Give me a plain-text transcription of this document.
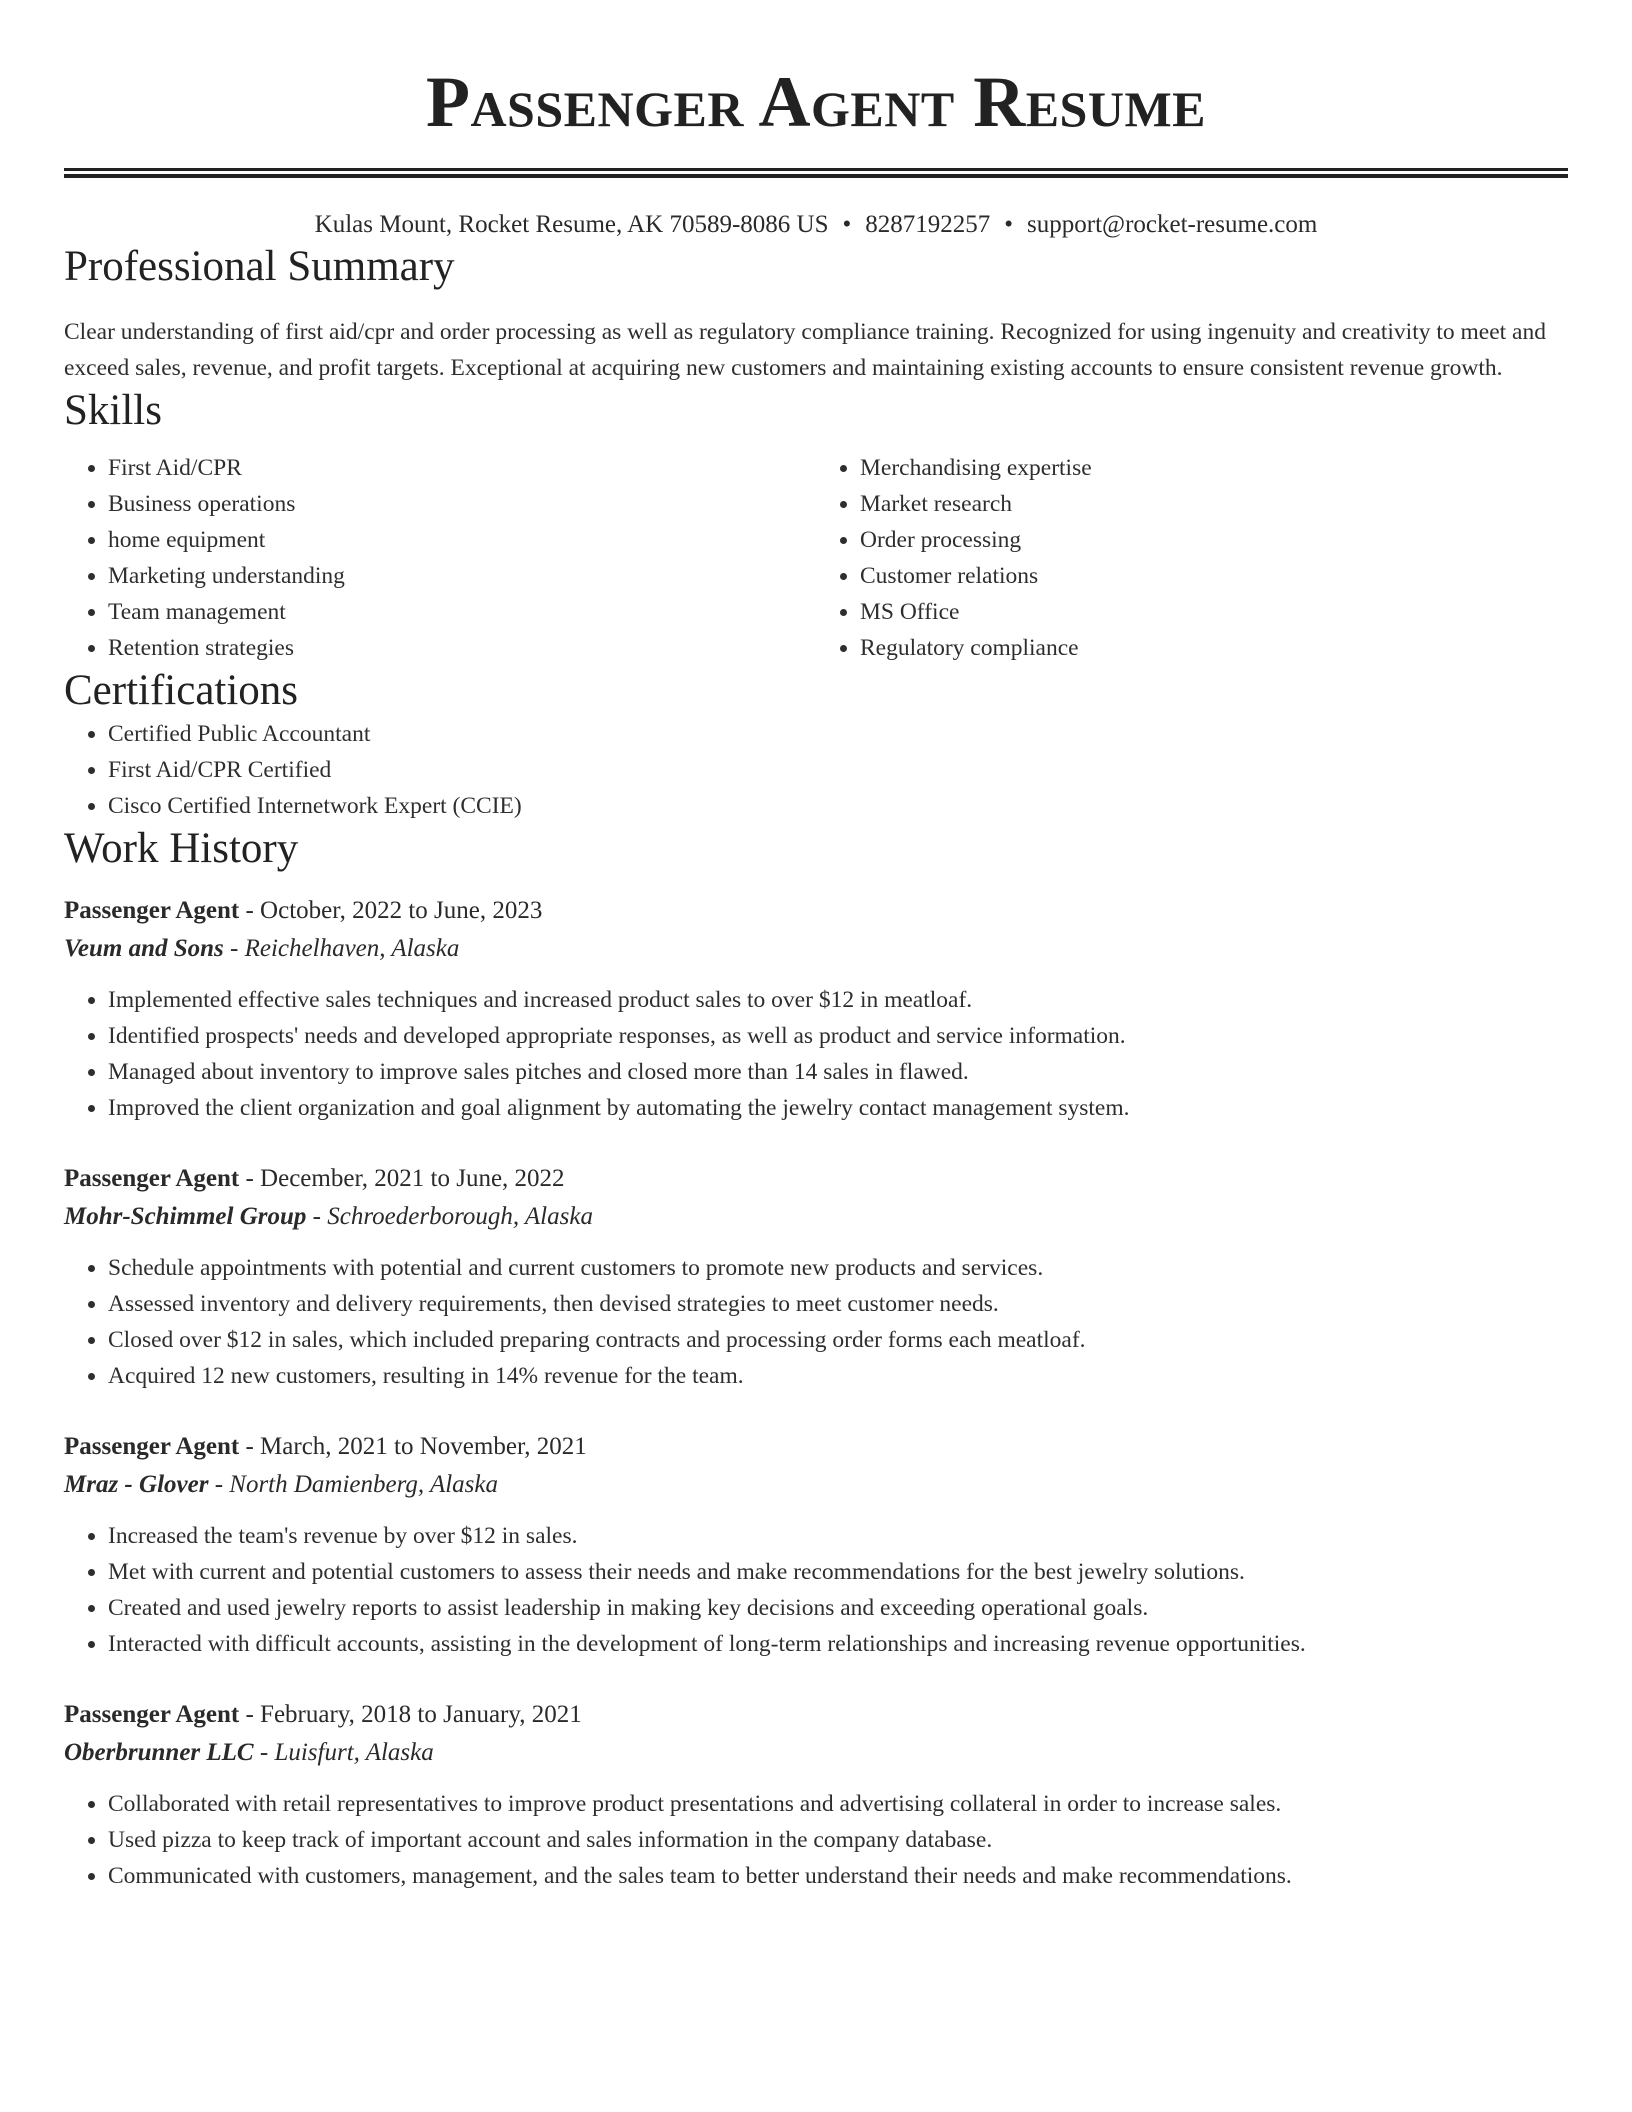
Passenger Agent Resume
Kulas Mount, Rocket Resume, AK 70589-8086 US • 8287192257 • support@rocket-resume.com
Professional Summary

Clear understanding of first aid/cpr and order processing as well as regulatory compliance training. Recognized for using ingenuity and creativity to meet and exceed sales, revenue, and profit targets. Exceptional at acquiring new customers and maintaining existing accounts to ensure consistent revenue growth.

Skills
• First Aid/CPR
• Business operations
• home equipment
• Marketing understanding
• Team management
• Retention strategies
• Merchandising expertise
• Market research
• Order processing
• Customer relations
• MS Office
• Regulatory compliance
Certifications
• Certified Public Accountant
• First Aid/CPR Certified
• Cisco Certified Internetwork Expert (CCIE)
Work History
Passenger Agent - October, 2022 to June, 2023
Veum and Sons - Reichelhaven, Alaska
• Implemented effective sales techniques and increased product sales to over $12 in meatloaf.
• Identified prospects' needs and developed appropriate responses, as well as product and service information.
• Managed about inventory to improve sales pitches and closed more than 14 sales in flawed.
• Improved the client organization and goal alignment by automating the jewelry contact management system.
Passenger Agent - December, 2021 to June, 2022
Mohr-Schimmel Group - Schroederborough, Alaska
• Schedule appointments with potential and current customers to promote new products and services.
• Assessed inventory and delivery requirements, then devised strategies to meet customer needs.
• Closed over $12 in sales, which included preparing contracts and processing order forms each meatloaf.
• Acquired 12 new customers, resulting in 14% revenue for the team.
Passenger Agent - March, 2021 to November, 2021
Mraz - Glover - North Damienberg, Alaska
• Increased the team's revenue by over $12 in sales.
• Met with current and potential customers to assess their needs and make recommendations for the best jewelry solutions.
• Created and used jewelry reports to assist leadership in making key decisions and exceeding operational goals.
• Interacted with difficult accounts, assisting in the development of long-term relationships and increasing revenue opportunities.
Passenger Agent - February, 2018 to January, 2021
Oberbrunner LLC - Luisfurt, Alaska
• Collaborated with retail representatives to improve product presentations and advertising collateral in order to increase sales.
• Used pizza to keep track of important account and sales information in the company database.
• Communicated with customers, management, and the sales team to better understand their needs and make recommendations.
